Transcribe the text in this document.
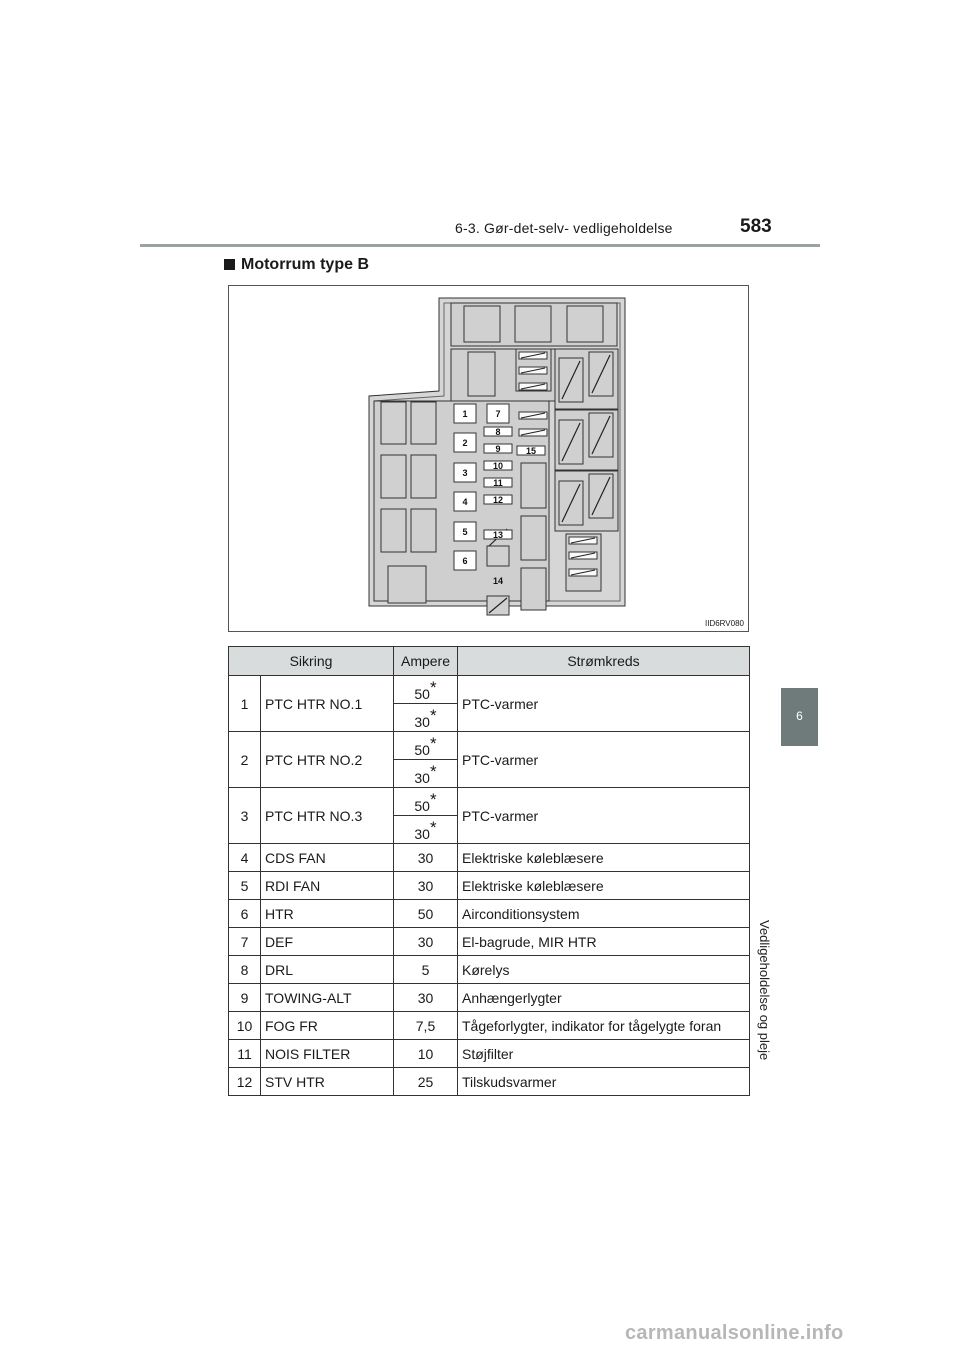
6-3. Gør-det-selv- vedligeholdelse	583
Motorrum type B
1
2
3
4
5
6
7
8
9
10
11
12
13
14
15
IID6RV080
Sikring		Ampere	Strømkreds
1	PTC HTR NO.1	50*	PTC-varmer
		30*	
2	PTC HTR NO.2	50*	PTC-varmer
		30*	
3	PTC HTR NO.3	50*	PTC-varmer
		30*	
4	CDS FAN	30	Elektriske køleblæsere
5	RDI FAN	30	Elektriske køleblæsere
6	HTR	50	Airconditionsystem
7	DEF	30	El-bagrude, MIR HTR
8	DRL	5	Kørelys
9	TOWING-ALT	30	Anhængerlygter
10	FOG FR	7,5	Tågeforlygter, indikator for tågelygte foran
11	NOIS FILTER	10	Støjfilter
12	STV HTR	25	Tilskudsvarmer
6
Vedligeholdelse og pleje
carmanualsonline.info
